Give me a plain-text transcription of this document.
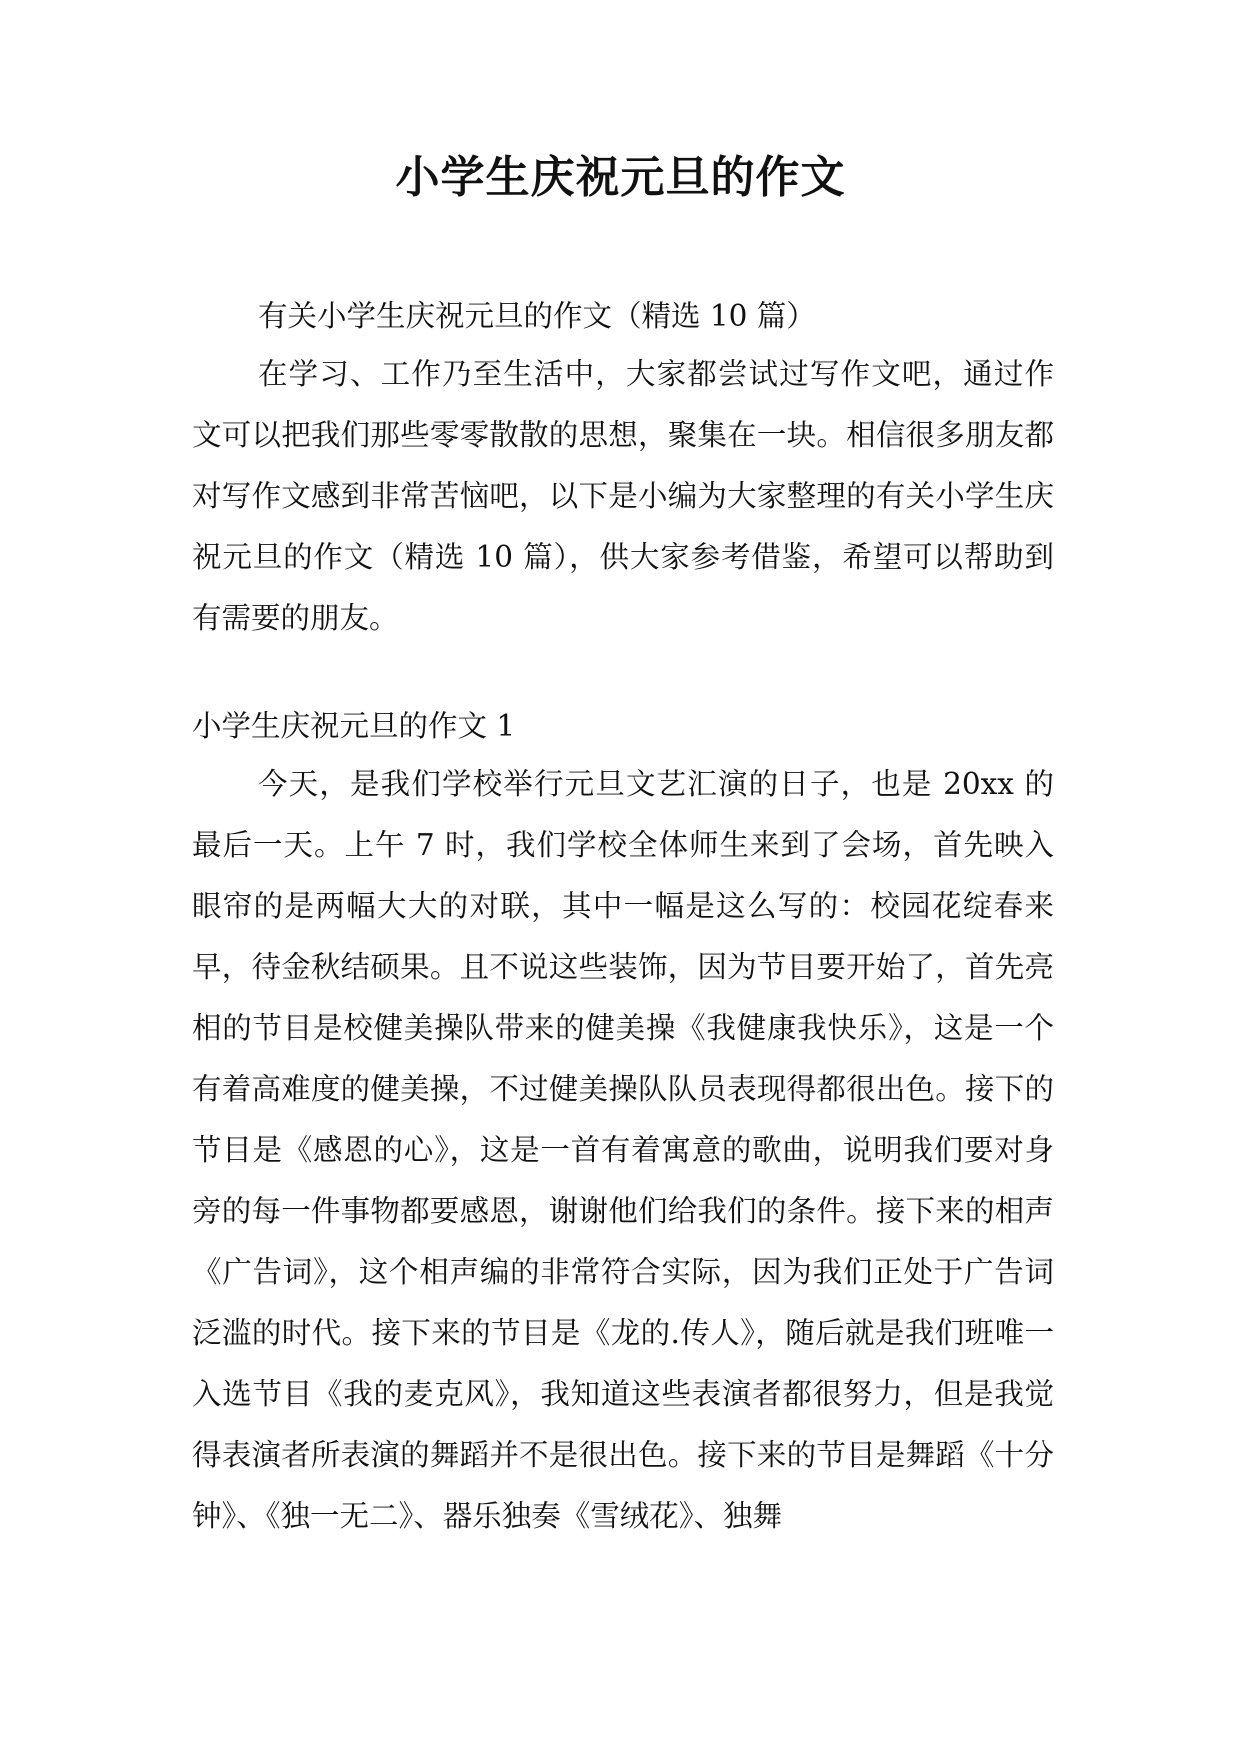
小学生庆祝元旦的作文

有关小学生庆祝元旦的作文（精选 10 篇）

在学习、工作乃至生活中，大家都尝试过写作文吧，通过作文可以把我们那些零零散散的思想，聚集在一块。相信很多朋友都对写作文感到非常苦恼吧，以下是小编为大家整理的有关小学生庆祝元旦的作文（精选 10 篇），供大家参考借鉴，希望可以帮助到有需要的朋友。

小学生庆祝元旦的作文 1

今天，是我们学校举行元旦文艺汇演的日子，也是 20xx 的最后一天。上午 7 时，我们学校全体师生来到了会场，首先映入眼帘的是两幅大大的对联，其中一幅是这么写的：校园花绽春来早，待金秋结硕果。且不说这些装饰，因为节目要开始了，首先亮相的节目是校健美操队带来的健美操《我健康我快乐》，这是一个有着高难度的健美操，不过健美操队队员表现得都很出色。接下的节目是《感恩的心》，这是一首有着寓意的歌曲，说明我们要对身旁的每一件事物都要感恩，谢谢他们给我们的条件。接下来的相声《广告词》，这个相声编的非常符合实际，因为我们正处于广告词泛滥的时代。接下来的节目是《龙的.传人》，随后就是我们班唯一入选节目《我的麦克风》，我知道这些表演者都很努力，但是我觉得表演者所表演的舞蹈并不是很出色。接下来的节目是舞蹈《十分钟》、《独一无二》、器乐独奏《雪绒花》、独舞
